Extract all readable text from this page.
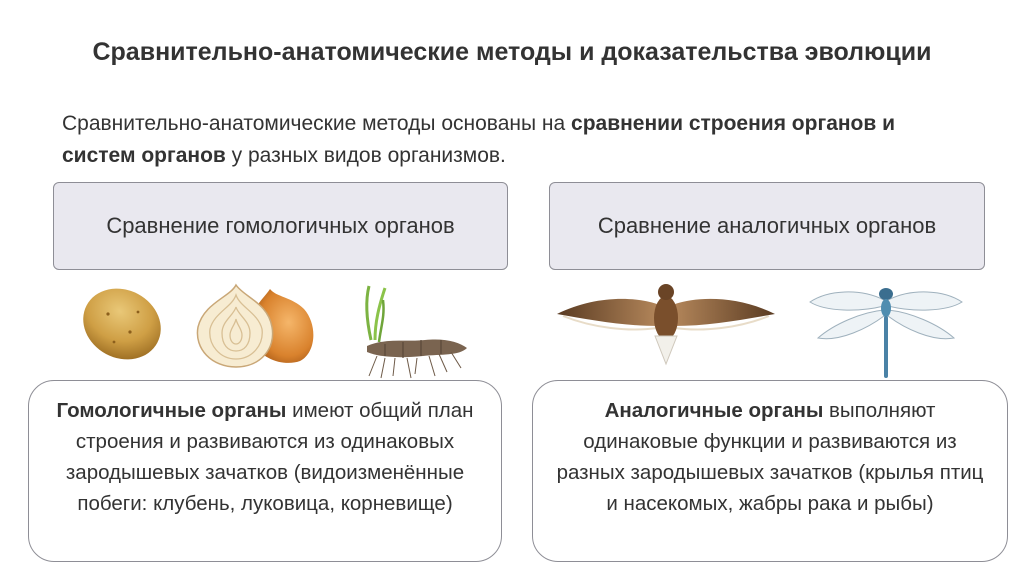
Сравнительно-анатомические методы и доказательства эволюции
Сравнительно-анатомические методы основаны на сравнении строения органов и систем органов у разных видов организмов.
Сравнение гомологичных органов	Сравнение аналогичных органов
Гомологичные органы имеют общий план строения и развиваются из одинаковых зародышевых зачатков (видоизменённые побеги: клубень, луковица, корневище)
Аналогичные органы выполняют одинаковые функции и развиваются из разных зародышевых зачатков (крылья птиц и насекомых, жабры рака и рыбы)
